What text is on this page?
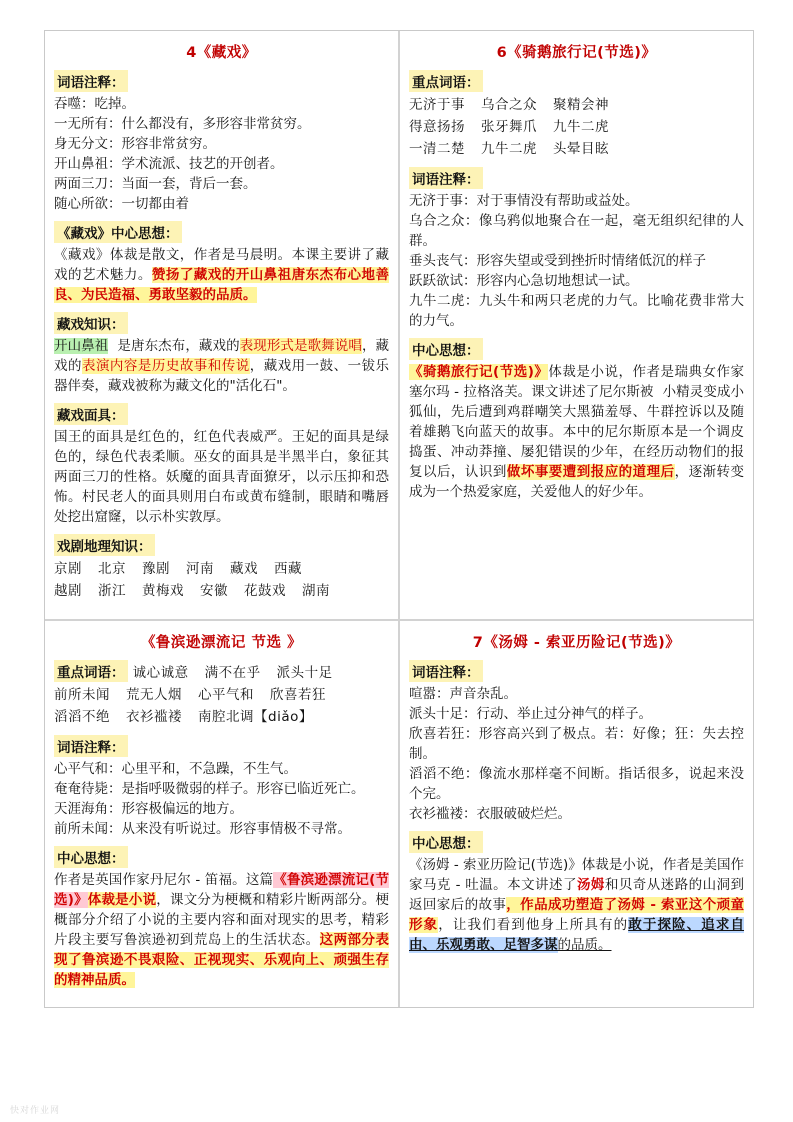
4《藏戏》
词语注释：
吞噬：吃掉。
一无所有：什么都没有，多形容非常贫穷。
身无分文：形容非常贫穷。
开山鼻祖：学术流派、技艺的开创者。
两面三刀：当面一套，背后一套。
随心所欲：一切都由着
《藏戏》中心思想：
《藏戏》体裁是散文，作者是马晨明。本课主要讲了藏戏的艺术魅力。赞扬了藏戏的开山鼻祖唐东杰布心地善良、为民造福、勇敢坚毅的品质。
藏戏知识：
开山鼻祖 是唐东杰布，藏戏的表现形式是歌舞说唱，藏戏的表演内容是历史故事和传说，藏戏用一鼓、一钹乐器伴奏，藏戏被称为藏文化的"活化石"。
藏戏面具：
国王的面具是红色的，红色代表威严。王妃的面具是绿色的，绿色代表柔顺。巫女的面具是半黑半白，象征其两面三刀的性格。妖魔的面具青面獠牙，以示压抑和恐怖。村民老人的面具则用白布或黄布缝制，眼睛和嘴唇处挖出窟窿，以示朴实敦厚。
戏剧地理知识：
京剧 北京 豫剧 河南 藏戏 西藏
越剧 浙江 黄梅戏 安徽 花鼓戏 湖南
6《骑鹅旅行记(节选)》
重点词语：
无济于事 乌合之众 聚精会神
得意扬扬 张牙舞爪 九牛二虎
一清二楚 九牛二虎 头晕目眩
词语注释：
无济于事：对于事情没有帮助或益处。
乌合之众：像乌鸦似地聚合在一起，毫无组织纪律的人群。
垂头丧气：形容失望或受到挫折时情绪低沉的样子
跃跃欲试：形容内心急切地想试一试。
九牛二虎：九头牛和两只老虎的力气。比喻花费非常大的力气。
中心思想：
《骑鹅旅行记(节选)》体裁是小说，作者是瑞典女作家塞尔玛 - 拉格洛芙。课文讲述了尼尔斯被 小精灵变成小狐仙，先后遭到鸡群嘲笑大黑猫羞辱、牛群控诉以及随着雄鹅飞向蓝天的故事。本中的尼尔斯原本是一个调皮捣蛋、冲动莽撞、屡犯错误的少年，在经历动物们的报复以后，认识到做坏事要遭到报应的道理后，逐渐转变成为一个热爱家庭，关爱他人的好少年。
《鲁滨逊漂流记 节选 》
重点词语： 诚心诚意 满不在乎 派头十足
前所未闻 荒无人烟 心平气和 欣喜若狂
滔滔不绝 衣衫褴褛 南腔北调【diǎo】
词语注释：
心平气和：心里平和，不急躁，不生气。
奄奄待毙：是指呼吸微弱的样子。形容已临近死亡。
天涯海角：形容极偏远的地方。
前所未闻：从来没有听说过。形容事情极不寻常。
中心思想：
作者是英国作家丹尼尔 - 笛福。这篇《鲁滨逊漂流记(节选)》体裁是小说，课文分为梗概和精彩片断两部分。梗概部分介绍了小说的主要内容和面对现实的思考，精彩片段主要写鲁滨逊初到荒岛上的生活状态。这两部分表现了鲁滨逊不畏艰险、正视现实、乐观向上、顽强生存的精神品质。
7《汤姆 - 索亚历险记(节选)》
词语注释：
喧嚣：声音杂乱。
派头十足：行动、举止过分神气的样子。
欣喜若狂：形容高兴到了极点。若：好像；狂：失去控制。
滔滔不绝：像流水那样毫不间断。指话很多，说起来没个完。
衣衫褴褛：衣服破破烂烂。
中心思想：
《汤姆 - 索亚历险记(节选)》体裁是小说，作者是美国作家马克 - 吐温。本文讲述了汤姆和贝奇从迷路的山洞到返回家后的故事，作品成功塑造了汤姆 - 索亚这个顽童形象，让我们看到他身上所具有的敢于探险、追求自由、乐观勇敢、足智多谋的品质。
快对作业网
